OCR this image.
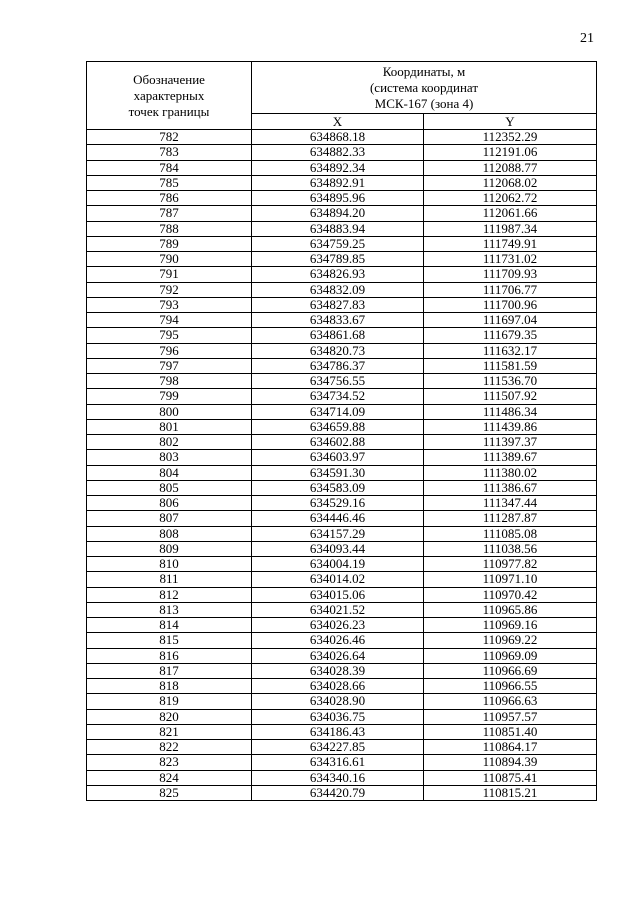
21
Обозначение
характерных
точек границы	Координаты, м
(система координат
МСК-167 (зона 4)	

	X	Y
782	634868.18	112352.29
783	634882.33	112191.06
784	634892.34	112088.77
785	634892.91	112068.02
786	634895.96	112062.72
787	634894.20	112061.66
788	634883.94	111987.34
789	634759.25	111749.91
790	634789.85	111731.02
791	634826.93	111709.93
792	634832.09	111706.77
793	634827.83	111700.96
794	634833.67	111697.04
795	634861.68	111679.35
796	634820.73	111632.17
797	634786.37	111581.59
798	634756.55	111536.70
799	634734.52	111507.92
800	634714.09	111486.34
801	634659.88	111439.86
802	634602.88	111397.37
803	634603.97	111389.67
804	634591.30	111380.02
805	634583.09	111386.67
806	634529.16	111347.44
807	634446.46	111287.87
808	634157.29	111085.08
809	634093.44	111038.56
810	634004.19	110977.82
811	634014.02	110971.10
812	634015.06	110970.42
813	634021.52	110965.86
814	634026.23	110969.16
815	634026.46	110969.22
816	634026.64	110969.09
817	634028.39	110966.69
818	634028.66	110966.55
819	634028.90	110966.63
820	634036.75	110957.57
821	634186.43	110851.40
822	634227.85	110864.17
823	634316.61	110894.39
824	634340.16	110875.41
825	634420.79	110815.21
